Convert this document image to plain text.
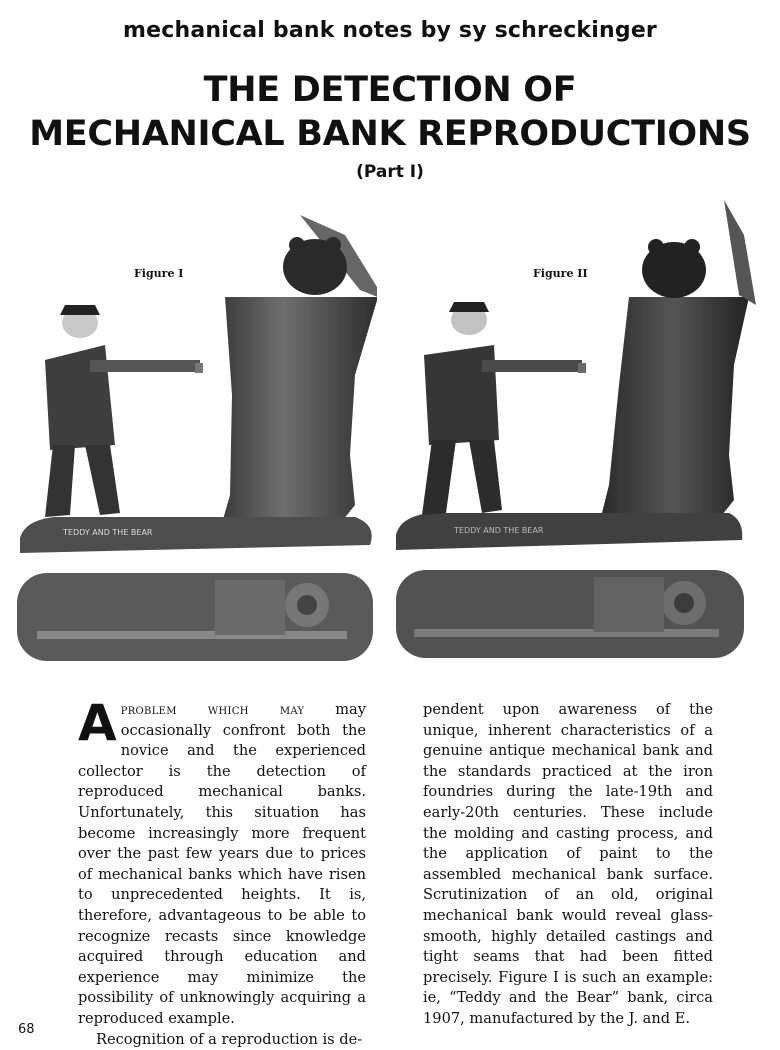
mechanical bank notes by sy schreckinger
THE DETECTION OF
MECHANICAL BANK REPRODUCTIONS
(Part I)
Figure I
TEDDY AND THE BEAR
Figure II
TEDDY AND THE BEAR

Aproblem which may may occasionally confront both the novice and the experienced collector is the detection of reproduced mechanical banks. Unfortunately, this situation has become increasingly more frequent over the past few years due to prices of mechanical banks which have risen to unprecedented heights. It is, therefore, advantageous to be able to recognize recasts since knowledge acquired through education and experience may minimize the possibility of unknowingly acquiring a reproduced example.

Recognition of a reproduction is de-

pendent upon awareness of the unique, inherent characteristics of a genuine antique mechanical bank and the standards practiced at the iron foundries during the late-19th and early-20th centuries. These include the molding and casting process, and the application of paint to the assembled mechanical bank surface. Scrutinization of an old, original mechanical bank would reveal glass-smooth, highly detailed castings and tight seams that had been fitted precisely. Figure I is such an example: ie, “Teddy and the Bear” bank, circa 1907, manufactured by the J. and E.

68
